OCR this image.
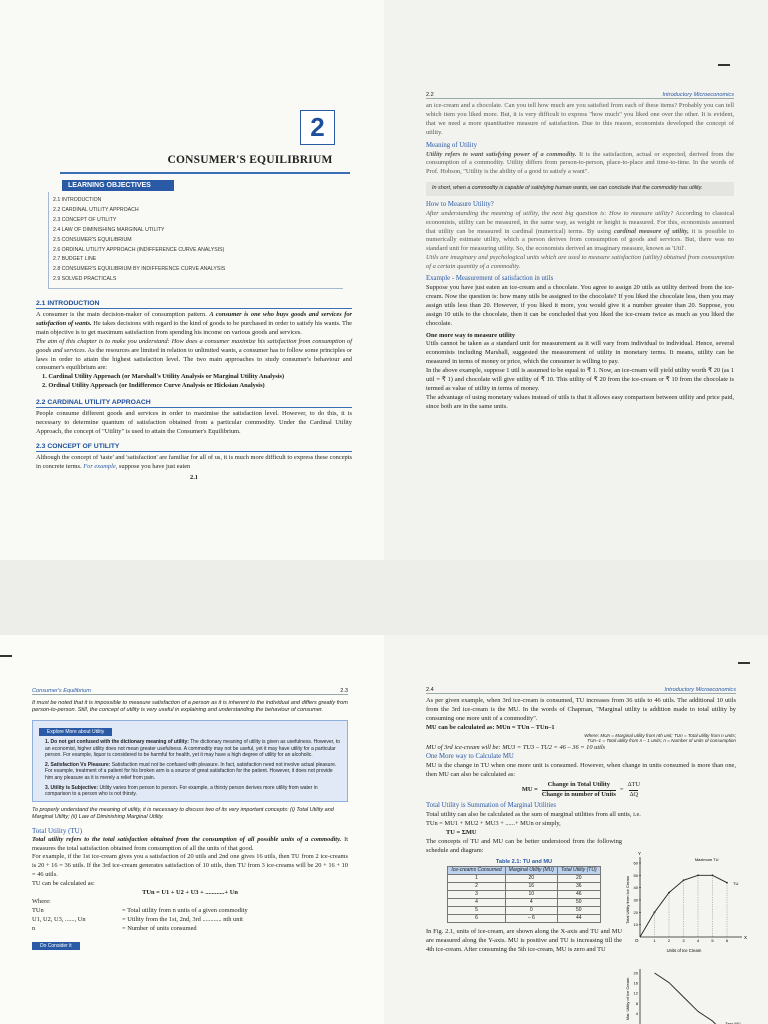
2
CONSUMER'S EQUILIBRIUM
LEARNING OBJECTIVES
2.1 INTRODUCTION
2.2 CARDINAL UTILITY APPROACH
2.3 CONCEPT OF UTILITY
2.4 LAW OF DIMINISHING MARGINAL UTILITY
2.5 CONSUMER'S EQUILIBRIUM
2.6 ORDINAL UTILITY APPROACH (INDIFFERENCE CURVE ANALYSIS)
2.7 BUDGET LINE
2.8 CONSUMER'S EQUILIBRIUM BY INDIFFERENCE CURVE ANALYSIS
2.9 SOLVED PRACTICALS
2.1 INTRODUCTION

A consumer is the main decision-maker of consumption pattern. A consumer is one who buys goods and services for satisfaction of wants. He takes decisions with regard to the kind of goods to be purchased in order to satisfy his wants. The main objective is to get maximum satisfaction from spending his income on various goods and services.

The aim of this chapter is to make you understand: How does a consumer maximize his satisfaction from consumption of goods and services. As the resources are limited in relation to unlimited wants, a consumer has to follow some principles or laws in order to attain the highest satisfaction level. The two main approaches to study consumer's behaviour and consumer's equilibrium are:

1. Cardinal Utility Approach (or Marshall's Utility Analysis or Marginal Utility Analysis)

2. Ordinal Utility Approach (or Indifference Curve Analysis or Hicksian Analysis)

2.2 CARDINAL UTILITY APPROACH

People consume different goods and services in order to maximise the satisfaction level. However, to do this, it is necessary to determine quantum of satisfaction obtained from a particular commodity. Under the Cardinal Utility Approach, the concept of "Utility" is used to attain the Consumer's Equilibrium.

2.3 CONCEPT OF UTILITY

Although the concept of 'taste' and 'satisfaction' are familiar for all of us, it is much more difficult to express these concepts in concrete terms. For example, suppose you have just eaten

2.1
2.2	Introductory Microeconomics

an ice-cream and a chocolate. Can you tell how much are you satisfied from each of these items? Probably you can tell which item you liked more. But, it is very difficult to express "how much" you liked one over the other. It is evident, that we need a more quantitative measure of satisfaction. Due to this reason, economists developed the concept of utility.

Meaning of Utility

Utility refers to want satisfying power of a commodity. It is the satisfaction, actual or expected, derived from the consumption of a commodity. Utility differs from person-to-person, place-to-place and time-to-time. In the words of Prof. Hobson, "Utility is the ability of a good to satisfy a want".

In short, when a commodity is capable of satisfying human wants, we can conclude that the commodity has utility.

How to Measure Utility?

After understanding the meaning of utility, the next big question is: How to measure utility? According to classical economists, utility can be measured, in the same way, as weight or height is measured. For this, economists assumed that utility can be measured in cardinal (numerical) terms. By using cardinal measure of utility, it is possible to numerically estimate utility, which a person derives from consumption of goods and services. But, there was no standard unit for measuring utility. So, the economists derived an imaginary measure, known as 'Util'.

Utils are imaginary and psychological units which are used to measure satisfaction (utility) obtained from consumption of a certain quantity of a commodity.

Example - Measurement of satisfaction in utils

Suppose you have just eaten an ice-cream and a chocolate. You agree to assign 20 utils as utility derived from the ice-cream. Now the question is: how many utils be assigned to the chocolate? If you liked the chocolate less, then you may assign utils less than 20. However, if you liked it more, you would give it a number greater than 20. Suppose, you assign 10 utils to the chocolate, then it can be concluded that you liked the ice-cream twice as much as you liked the chocolate.

One more way to measure utility

Utils cannot be taken as a standard unit for measurement as it will vary from individual to individual. Hence, several economists including Marshall, suggested the measurement of utility in monetary terms. It means, utility can be measured in terms of money or price, which the consumer is willing to pay.

In the above example, suppose 1 util is assumed to be equal to ₹ 1. Now, an ice-cream will yield utility worth ₹ 20 (as 1 util = ₹ 1) and chocolate will give utility of ₹ 10. This utility of ₹ 20 from the ice-cream or ₹ 10 from the chocolate is termed as value of utility in terms of money.

The advantage of using monetary values instead of utils is that it allows easy comparison between utility and price paid, since both are in the same units.

Consumer's Equilibrium	2.3

It must be noted that it is impossible to measure satisfaction of a person as it is inherent to the individual and differs greatly from person-to-person. Still, the concept of utility is very useful in explaining and understanding the behaviour of consumer.

Explore More about Utility
1. Do not get confused with the dictionary meaning of utility: The dictionary meaning of utility is given as usefulness. However, to an economist, higher utility does not mean greater usefulness. A commodity may not be useful, yet it may have utility for a particular person. For example, liquor is considered to be harmful for health, yet it may have a high degree of utility for an alcoholic.
2. Satisfaction Vs Pleasure: Satisfaction must not be confused with pleasure. In fact, satisfaction need not involve actual pleasure. For example, treatment of a patient for his broken arm is a source of great satisfaction for the patient. However, it does not provide him any pleasure as it is merely a relief from pain.
3. Utility is Subjective: Utility varies from person to person. For example, a thirsty person derives more utility from water in comparison to a person who is not thirsty.

To properly understand the meaning of utility, it is necessary to discuss two of its very important concepts: (i) Total Utility and Marginal Utility; (ii) Law of Diminishing Marginal Utility.

Total Utility (TU)

Total utility refers to the total satisfaction obtained from the consumption of all possible units of a commodity. It measures the total satisfaction obtained from consumption of all the units of that good.

For example, if the 1st ice-cream gives you a satisfaction of 20 utils and 2nd one gives 16 utils, then TU from 2 ice-creams is 20 + 16 = 36 utils. If the 3rd ice-cream generates satisfaction of 10 utils, then TU from 3 ice-creams will be 20 + 16 + 10 = 46 utils.

TU can be calculated as:

TUn = U1 + U2 + U3 + ............+ Un

Where:

TUn	= Total utility from n units of a given commodity
U1, U2, U3, ......, Un	= Utility from the 1st, 2nd, 3rd ............ nth unit
n	= Number of units consumed
Do Consider it
2.4	Introductory Microeconomics

As per given example, when 3rd ice-cream is consumed, TU increases from 36 utils to 46 utils. The additional 10 utils from the 3rd ice-cream is the MU. In the words of Chapman, "Marginal utility is addition made to total utility by consuming one more unit of a commodity".

MU can be calculated as: MUn = TUn – TUn–1

Where: MUn = Marginal utility from nth unit; TUn = Total utility from n units;

TUn–1 = Total utility from n – 1 units; n = Number of units of consumption

MU of 3rd ice-cream will be: MU3 = TU3 – TU2 = 46 – 36 = 10 utils

One More way to Calculate MU

MU is the change in TU when one more unit is consumed. However, when change in units consumed is more than one, then MU can also be calculated as:

MU =
Change in Total Utility
Change in number of Units
=
ΔTU
ΔQ
Total Utility is Summation of Marginal Utilities

Total utility can also be calculated as the sum of marginal utilities from all units, i.e.

TUn = MU1 + MU2 + MU3 + ......+ MUn or simply,

TU = ΣMU

The concepts of TU and MU can be better understood from the following schedule and diagram:

Table 2.1: TU and MU
Ice-creams Consumed	Marginal Utility (MU)	Total Utility (TU)
1	20	20
2	16	36
3	10	46
4	4	50
5	0	50
6	– 6	44

In Fig. 2.1, units of ice-cream, are shown along the X-axis and TU and MU are measured along the Y-axis. MU is positive and TU is increasing till the 4th ice-cream. After consuming the 5th ice-cream, MU is zero and TU

Y
X
O
10
20
30
40
50
60
1	2	3	4	5	6
Maximum TU
TU
Units of Ice Cream
Total Utility from Ice Cream
20
16
12
8
4
Zero MU
Mar. Utility of Ice Cream
